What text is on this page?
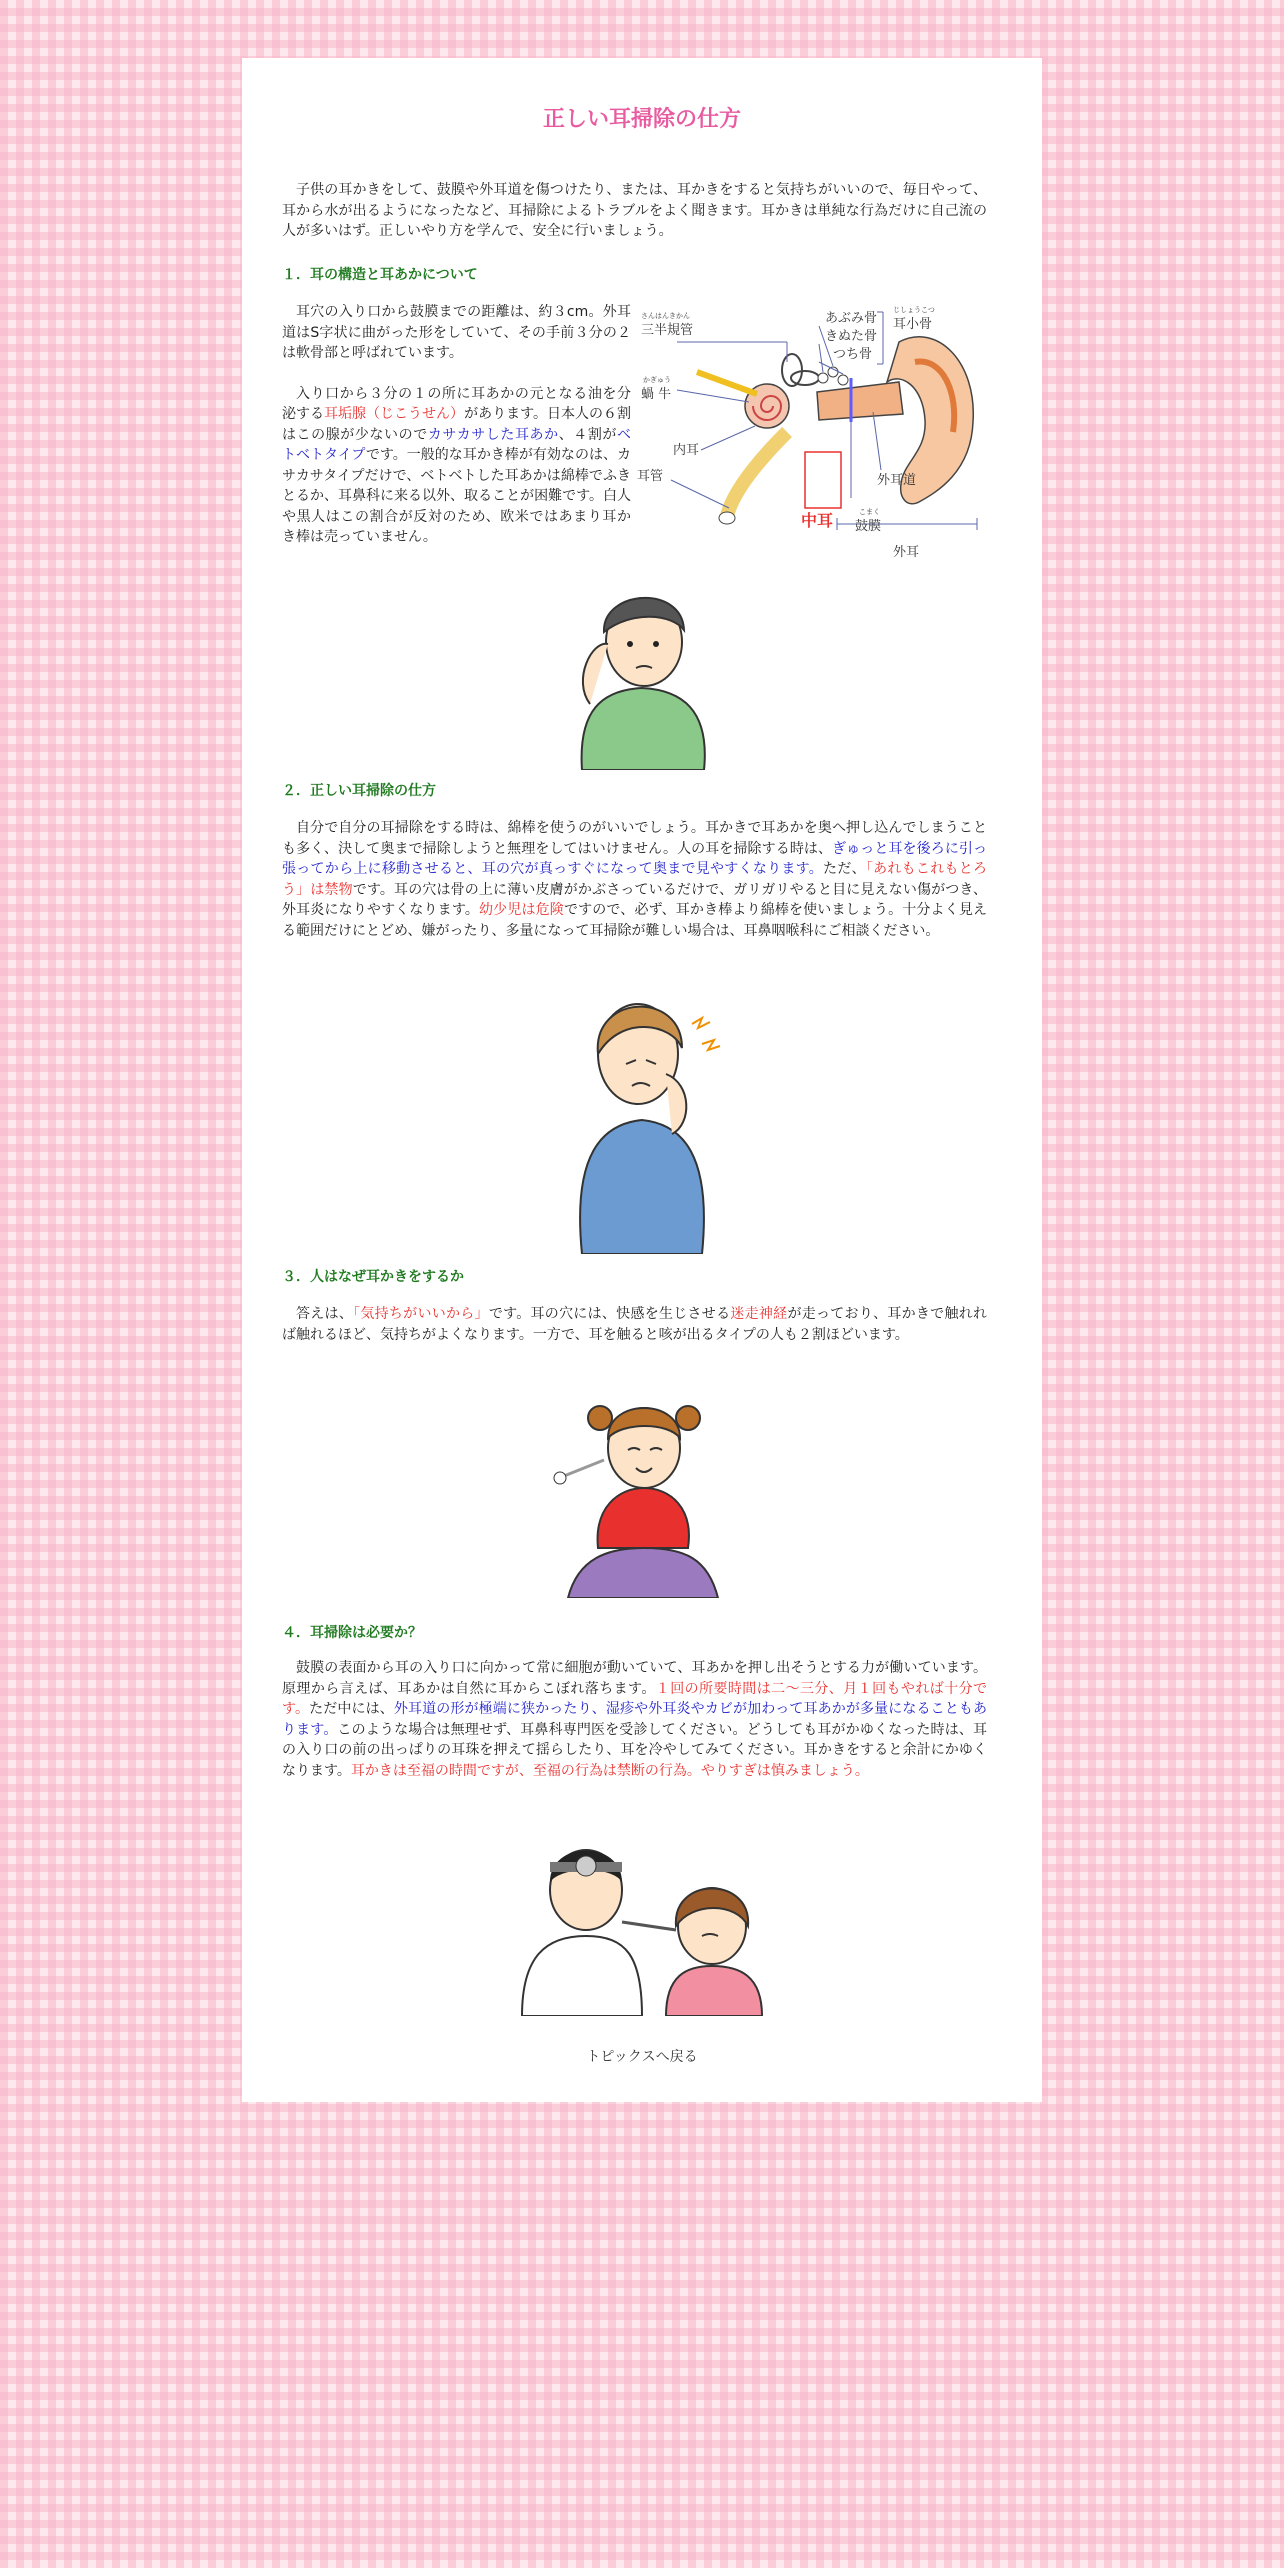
正しい耳掃除の仕方

子供の耳かきをして、鼓膜や外耳道を傷つけたり、または、耳かきをすると気持ちがいいので、毎日やって、耳から水が出るようになったなど、耳掃除によるトラブルをよく聞きます。耳かきは単純な行為だけに自己流の人が多いはず。正しいやり方を学んで、安全に行いましょう。

１．耳の構造と耳あかについて
さんはんきかん
三半規管
かぎゅう
蝸 牛
内耳
耳管
あぶみ骨
きぬた骨
つち骨
じしょうこつ
耳小骨
外耳道
中耳	こまく
鼓膜
外耳

耳穴の入り口から鼓膜までの距離は、約３cm。外耳道はS字状に曲がった形をしていて、その手前３分の２は軟骨部と呼ばれています。

入り口から３分の１の所に耳あかの元となる油を分泌する耳垢腺（じこうせん）があります。日本人の６割はこの腺が少ないのでカサカサした耳あか、４割がベトベトタイプです。一般的な耳かき棒が有効なのは、カサカサタイプだけで、ベトベトした耳あかは綿棒でふきとるか、耳鼻科に来る以外、取ることが困難です。白人や黒人はこの割合が反対のため、欧米ではあまり耳かき棒は売っていません。

２．正しい耳掃除の仕方

自分で自分の耳掃除をする時は、綿棒を使うのがいいでしょう。耳かきで耳あかを奥へ押し込んでしまうことも多く、決して奥まで掃除しようと無理をしてはいけません。人の耳を掃除する時は、ぎゅっと耳を後ろに引っ張ってから上に移動させると、耳の穴が真っすぐになって奥まで見やすくなります。ただ、「あれもこれもとろう」は禁物です。耳の穴は骨の上に薄い皮膚がかぶさっているだけで、ガリガリやると目に見えない傷がつき、外耳炎になりやすくなります。幼少児は危険ですので、必ず、耳かき棒より綿棒を使いましょう。十分よく見える範囲だけにとどめ、嫌がったり、多量になって耳掃除が難しい場合は、耳鼻咽喉科にご相談ください。

３．人はなぜ耳かきをするか

答えは、「気持ちがいいから」です。耳の穴には、快感を生じさせる迷走神経が走っており、耳かきで触れれば触れるほど、気持ちがよくなります。一方で、耳を触ると咳が出るタイプの人も２割ほどいます。

４．耳掃除は必要か？

鼓膜の表面から耳の入り口に向かって常に細胞が動いていて、耳あかを押し出そうとする力が働いています。原理から言えば、耳あかは自然に耳からこぼれ落ちます。１回の所要時間は二～三分、月１回もやれば十分です。ただ中には、外耳道の形が極端に狭かったり、湿疹や外耳炎やカビが加わって耳あかが多量になることもあります。このような場合は無理せず、耳鼻科専門医を受診してください。どうしても耳がかゆくなった時は、耳の入り口の前の出っぱりの耳珠を押えて揺らしたり、耳を冷やしてみてください。耳かきをすると余計にかゆくなります。耳かきは至福の時間ですが、至福の行為は禁断の行為。やりすぎは慎みましょう。

トピックスへ戻る
